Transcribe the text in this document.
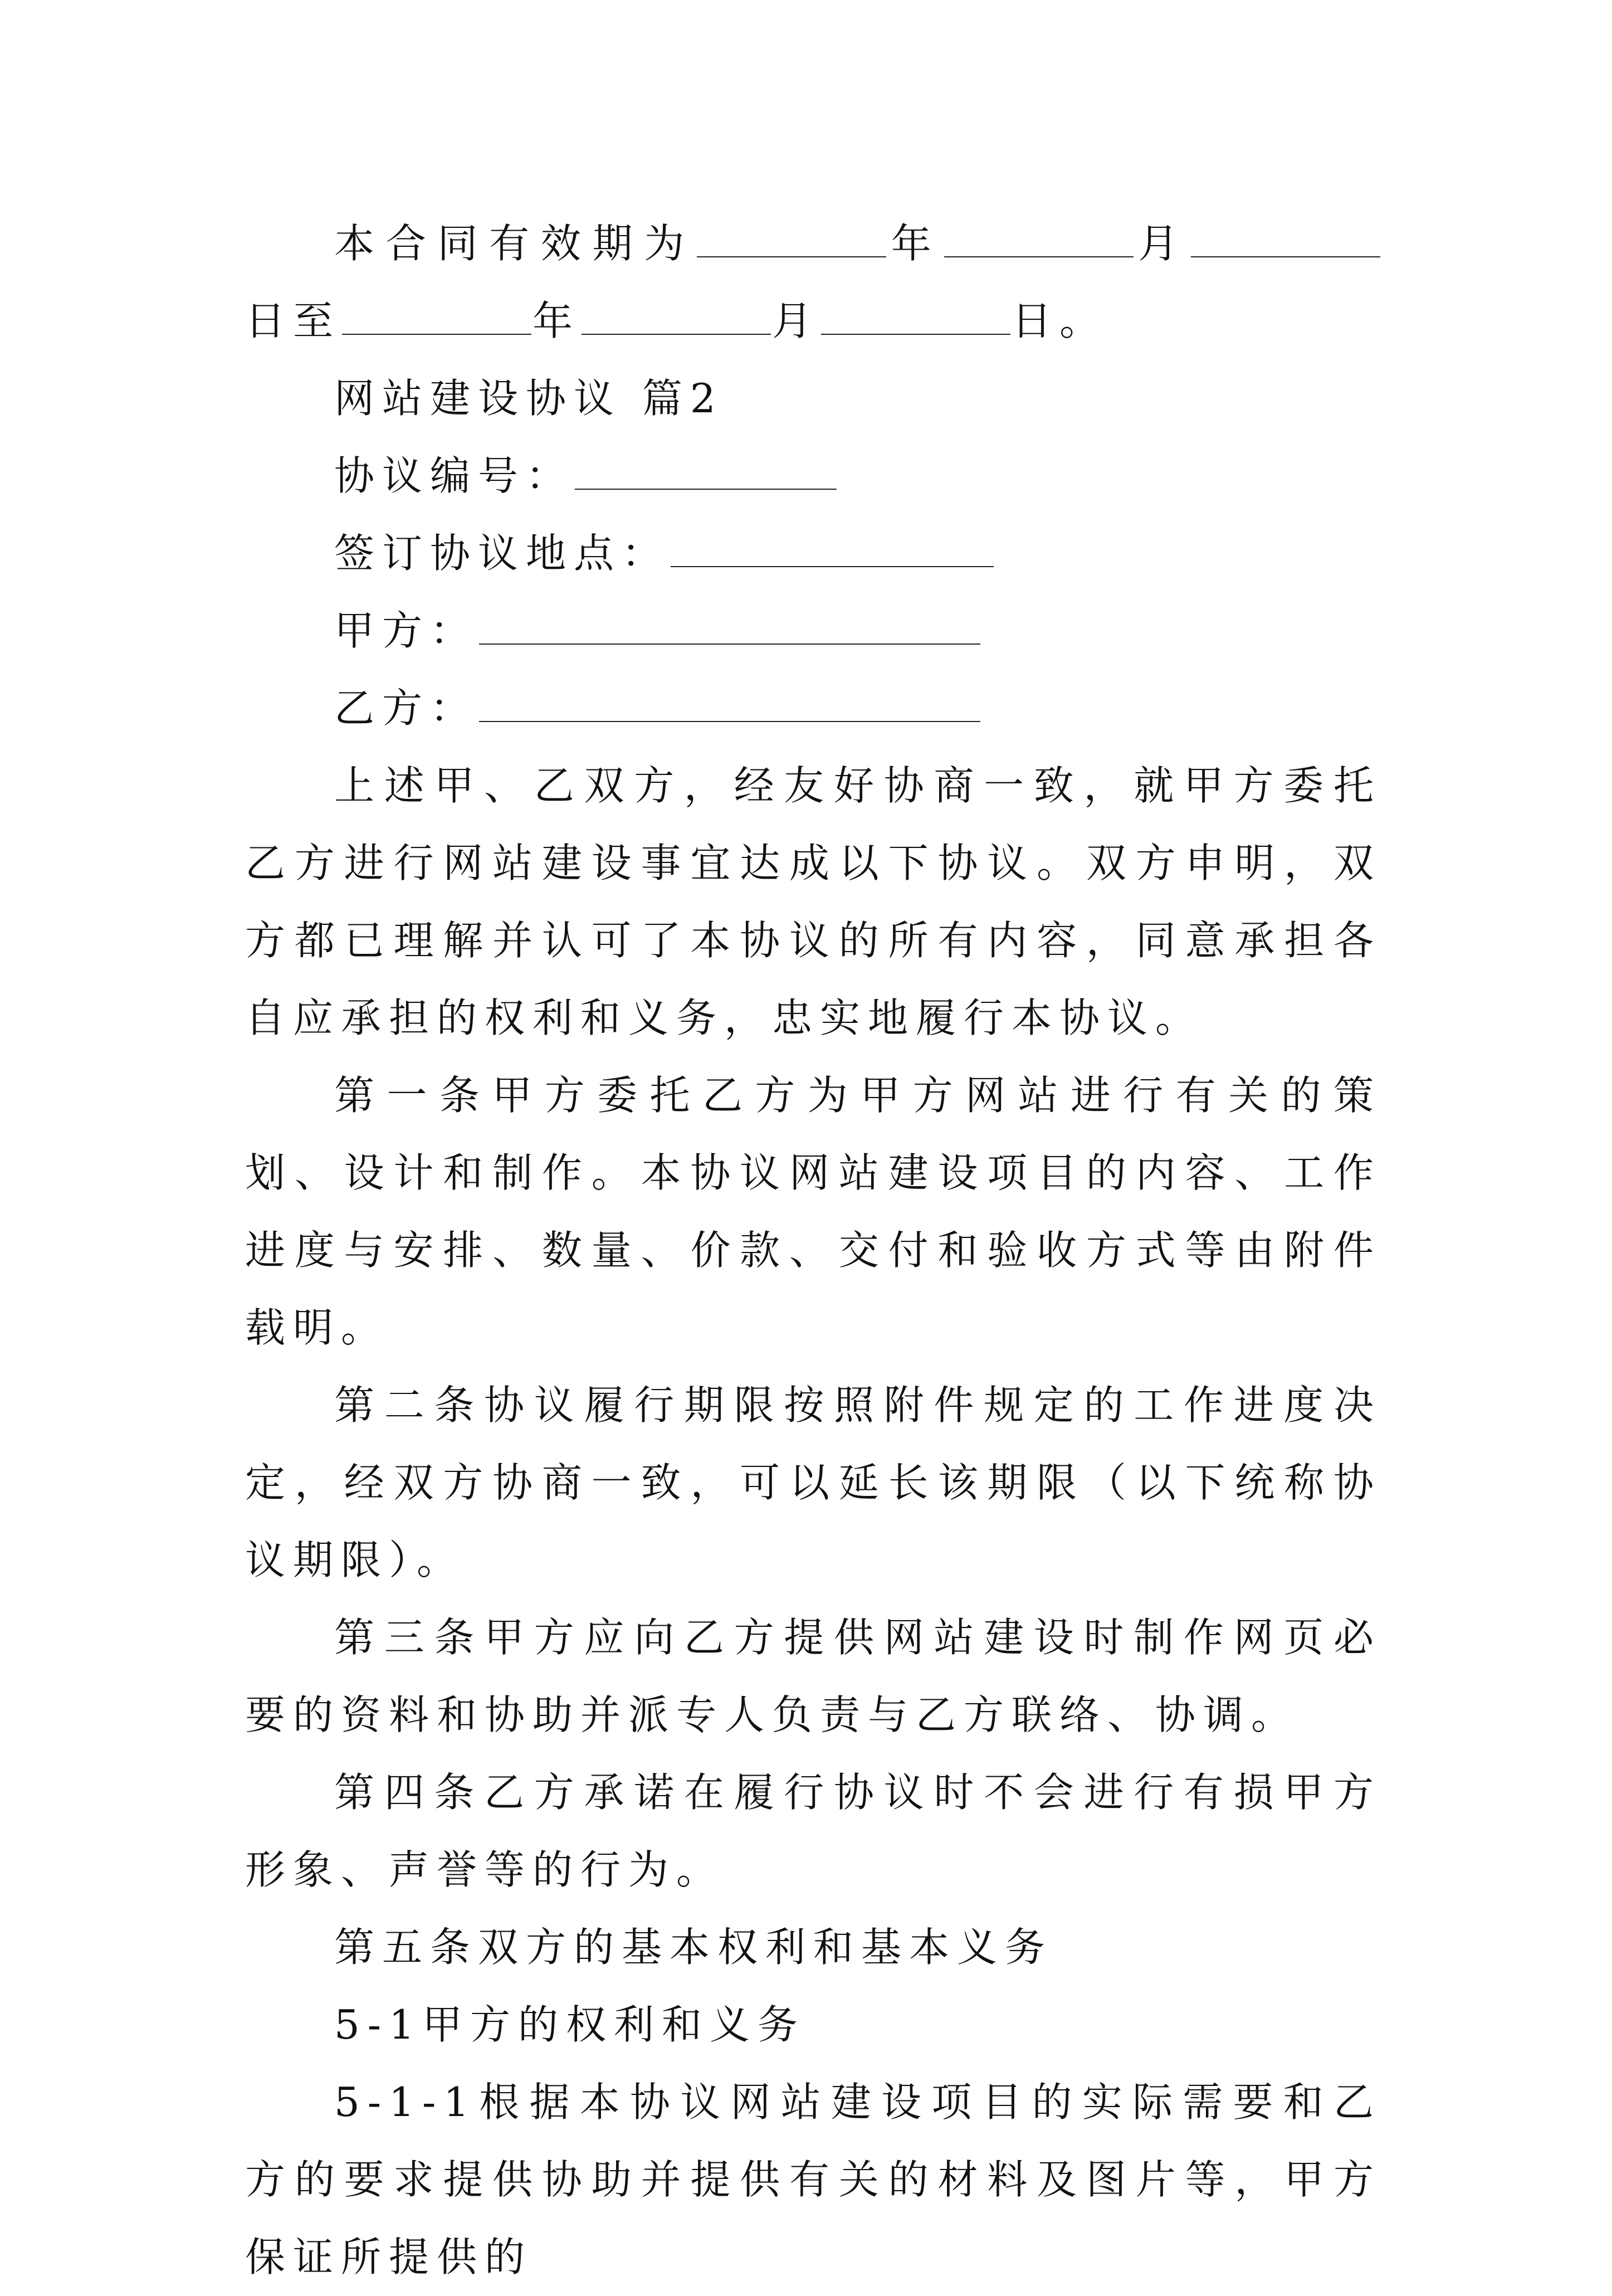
本合同有效期为	年	月日至	年	月	日。

网站建设协议 篇2

协议编号：

签订协议地点：

甲方：

乙方：

上述甲、乙双方，经友好协商一致，就甲方委托乙方进行网站建设事宜达成以下协议。双方申明，双方都已理解并认可了本协议的所有内容，同意承担各自应承担的权利和义务，忠实地履行本协议。

第一条甲方委托乙方为甲方网站进行有关的策划、设计和制作。本协议网站建设项目的内容、工作进度与安排、数量、价款、交付和验收方式等由附件载明。

第二条协议履行期限按照附件规定的工作进度决定，经双方协商一致，可以延长该期限（以下统称协议期限）。

第三条甲方应向乙方提供网站建设时制作网页必要的资料和协助并派专人负责与乙方联络、协调。

第四条乙方承诺在履行协议时不会进行有损甲方形象、声誉等的行为。

第五条双方的基本权利和基本义务

5-1甲方的权利和义务

5-1-1根据本协议网站建设项目的实际需要和乙方的要求提供协助并提供有关的材料及图片等，甲方保证所提供的
